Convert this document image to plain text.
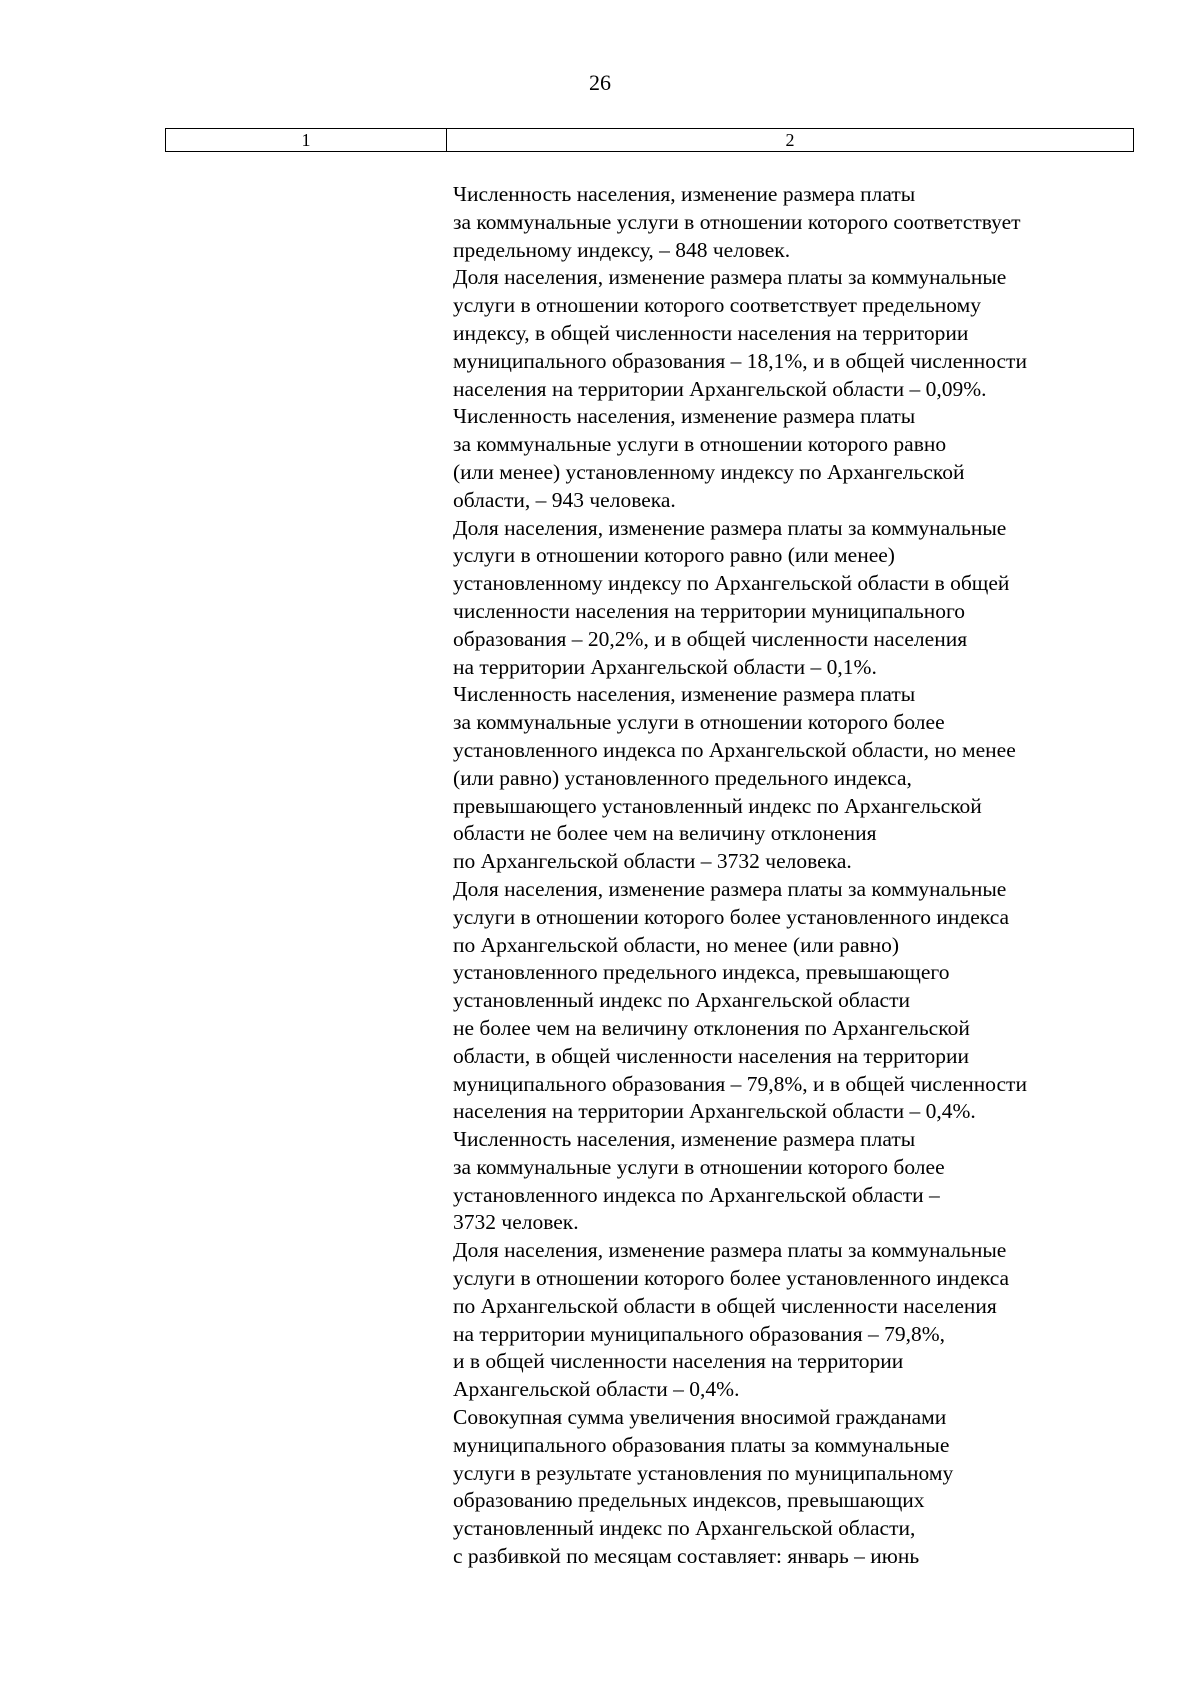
26
1	2
Численность населения, изменение размера платы
за коммунальные услуги в отношении которого соответствует
предельному индексу, – 848 человек.
Доля населения, изменение размера платы за коммунальные
услуги в отношении которого соответствует предельному
индексу, в общей численности населения на территории
муниципального образования – 18,1%, и в общей численности
населения на территории Архангельской области – 0,09%.
Численность населения, изменение размера платы
за коммунальные услуги в отношении которого равно
(или менее) установленному индексу по Архангельской
области, – 943 человека.
Доля населения, изменение размера платы за коммунальные
услуги в отношении которого равно (или менее)
установленному индексу по Архангельской области в общей
численности населения на территории муниципального
образования – 20,2%, и в общей численности населения
на территории Архангельской области – 0,1%.
Численность населения, изменение размера платы
за коммунальные услуги в отношении которого более
установленного индекса по Архангельской области, но менее
(или равно) установленного предельного индекса,
превышающего установленный индекс по Архангельской
области не более чем на величину отклонения
по Архангельской области – 3732 человека.
Доля населения, изменение размера платы за коммунальные
услуги в отношении которого более установленного индекса
по Архангельской области, но менее (или равно)
установленного предельного индекса, превышающего
установленный индекс по Архангельской области
не более чем на величину отклонения по Архангельской
области, в общей численности населения на территории
муниципального образования – 79,8%, и в общей численности
населения на территории Архангельской области – 0,4%.
Численность населения, изменение размера платы
за коммунальные услуги в отношении которого более
установленного индекса по Архангельской области –
3732 человек.
Доля населения, изменение размера платы за коммунальные
услуги в отношении которого более установленного индекса
по Архангельской области в общей численности населения
на территории муниципального образования – 79,8%,
и в общей численности населения на территории
Архангельской области – 0,4%.
Совокупная сумма увеличения вносимой гражданами
муниципального образования платы за коммунальные
услуги в результате установления по муниципальному
образованию предельных индексов, превышающих
установленный индекс по Архангельской области,
с разбивкой по месяцам составляет: январь – июнь
